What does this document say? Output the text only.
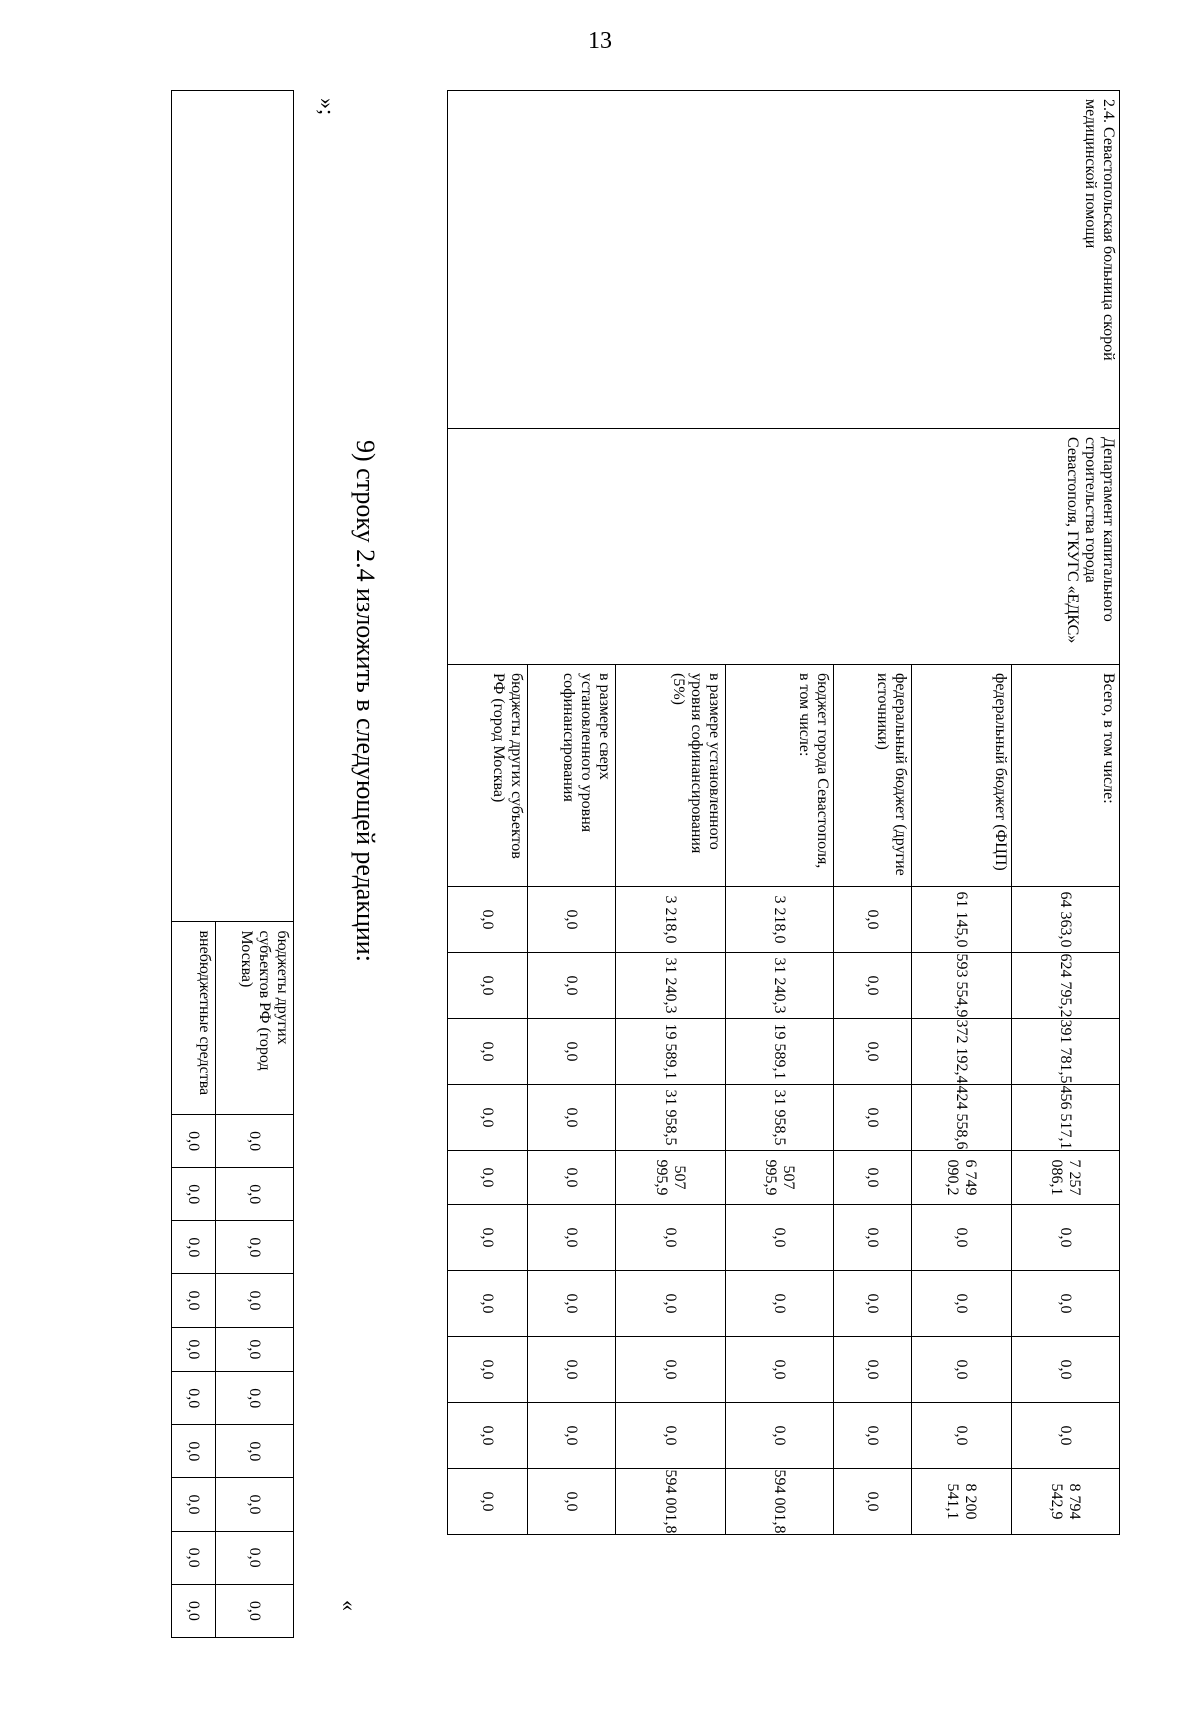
13
2.4. Севастопольская больница скорой медицинской помощи	Департамент капитального строительства города Севастополя, ГКУГС «ЕДКС»	Всего, в том числе:	64 363,0	624 795,2	391 781,5	456 517,1	7 257 086,1	0,0	0,0	0,0	0,0	8 794 542,9
		федеральный бюджет (ФЦП)	61 145,0	593 554,9	372 192,4	424 558,6	6 749 090,2	0,0	0,0	0,0	0,0	8 200 541,1
		федеральный бюджет (другие источники)	0,0	0,0	0,0	0,0	0,0	0,0	0,0	0,0	0,0	0,0
		бюджет города Севастополя, в том числе:	3 218,0	31 240,3	19 589,1	31 958,5	507 995,9	0,0	0,0	0,0	0,0	594 001,8
		в размере установленного уровня софинансирования (5%)	3 218,0	31 240,3	19 589,1	31 958,5	507 995,9	0,0	0,0	0,0	0,0	594 001,8
		в размере сверх установленного уровня софинансирования	0,0	0,0	0,0	0,0	0,0	0,0	0,0	0,0	0,0	0,0
		бюджеты других субъектов РФ (город Москва)	0,0	0,0	0,0	0,0	0,0	0,0	0,0	0,0	0,0	0,0
«
9) строку 2.4 изложить в следующей редакции:
»;
	бюджеты других субъектов РФ (город Москва)	0,0	0,0	0,0	0,0	0,0	0,0	0,0	0,0	0,0	0,0
	внебюджетные средства	0,0	0,0	0,0	0,0	0,0	0,0	0,0	0,0	0,0	0,0
